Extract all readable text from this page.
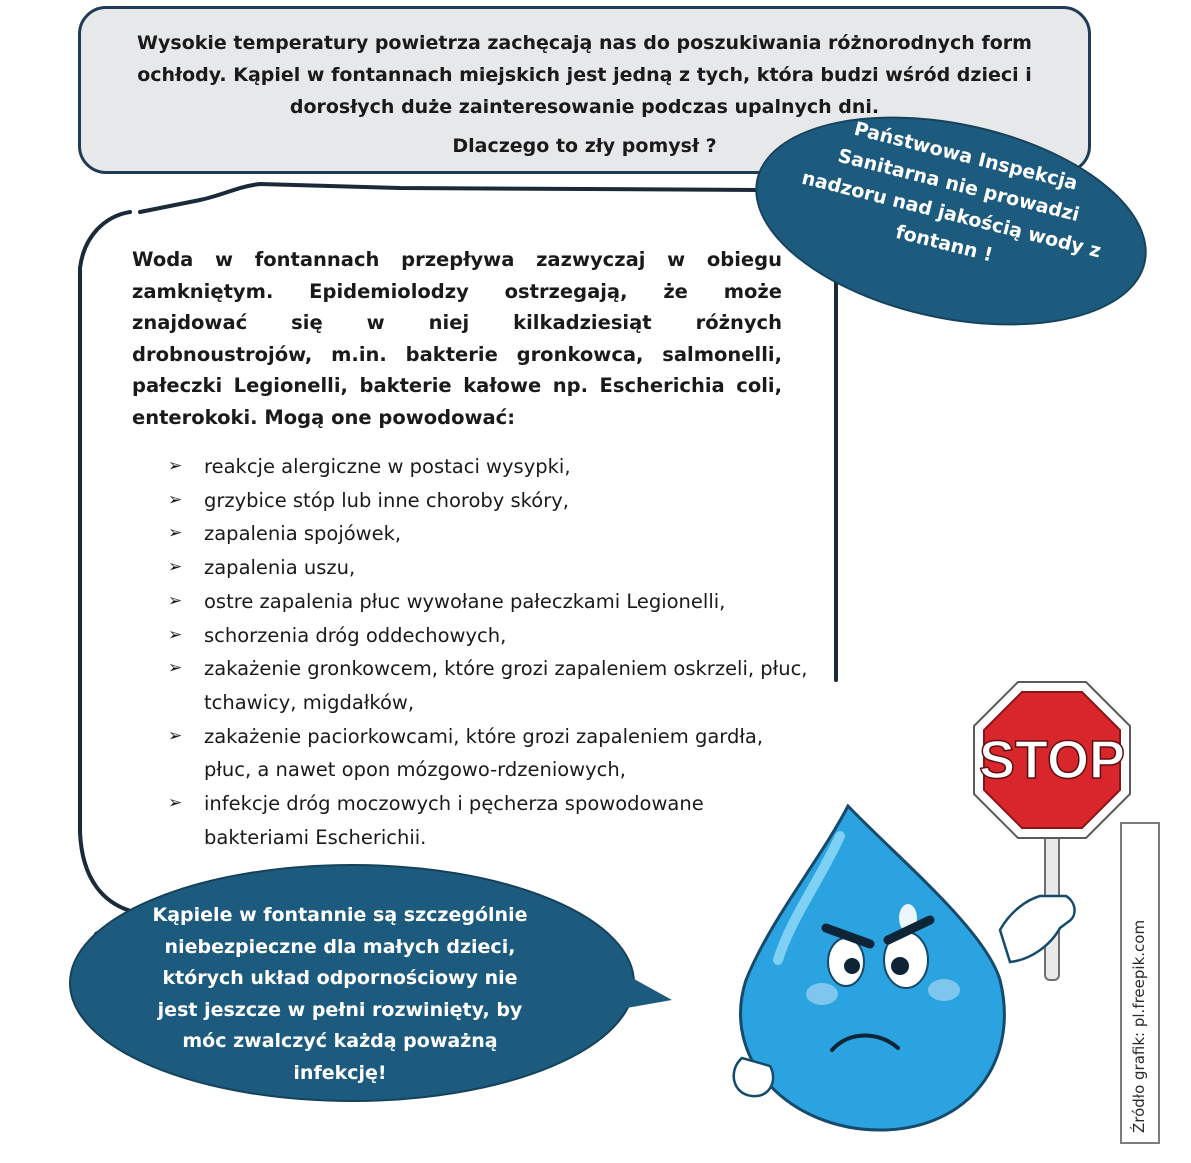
STOP
Wysokie temperatury powietrza zachęcają nas do poszukiwania różnorodnych form ochłody. Kąpiel w fontannach miejskich jest jedną z tych, która budzi wśród dzieci i dorosłych duże zainteresowanie podczas upalnych dni.
Dlaczego to zły pomysł ?	Państwowa Inspekcja Sanitarna nie prowadzi nadzoru nad jakością wody z fontann !
Woda w fontannach przepływa zazwyczaj w obiegu zamkniętym. Epidemiolodzy ostrzegają, że może znajdować się w niej kilkadziesiąt różnych drobnoustrojów, m.in. bakterie gronkowca, salmonelli, pałeczki Legionelli, bakterie kałowe np. Escherichia coli, enterokoki. Mogą one powodować:
➢ reakcje alergiczne w postaci wysypki,
➢ grzybice stóp lub inne choroby skóry,
➢ zapalenia spojówek,
➢ zapalenia uszu,
➢ ostre zapalenia płuc wywołane pałeczkami Legionelli,
➢ schorzenia dróg oddechowych,
➢ zakażenie gronkowcem, które grozi zapaleniem oskrzeli, płuc, tchawicy, migdałków,
➢ zakażenie paciorkowcami, które grozi zapaleniem gardła, płuc, a nawet opon mózgowo-rdzeniowych,
➢ infekcje dróg moczowych i pęcherza spowodowane bakteriami Escherichii.
Kąpiele w fontannie są szczególnie niebezpieczne dla małych dzieci, których układ odpornościowy nie jest jeszcze w pełni rozwinięty, by móc zwalczyć każdą poważną infekcję!	Źródło grafik: pl.freepik.com
